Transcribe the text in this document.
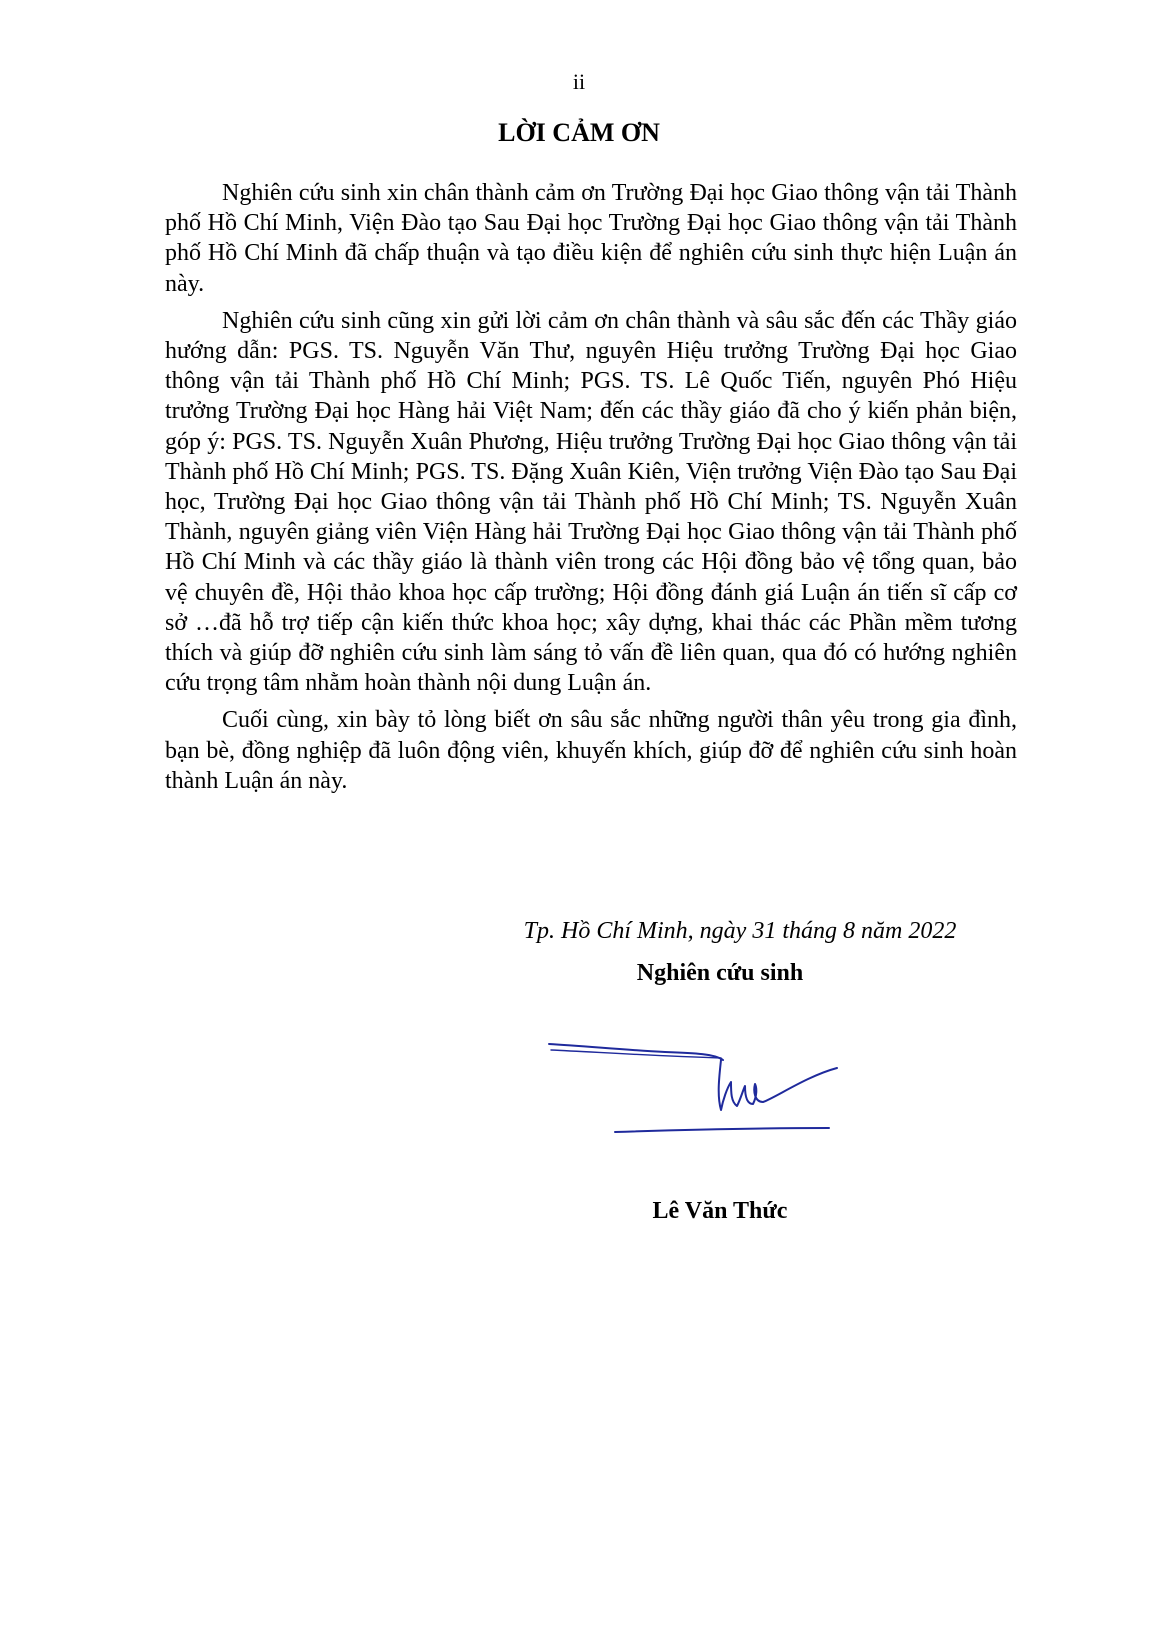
ii
LỜI CẢM ƠN

Nghiên cứu sinh xin chân thành cảm ơn Trường Đại học Giao thông vận tải Thành phố Hồ Chí Minh, Viện Đào tạo Sau Đại học Trường Đại học Giao thông vận tải Thành phố Hồ Chí Minh đã chấp thuận và tạo điều kiện để nghiên cứu sinh thực hiện Luận án này.

Nghiên cứu sinh cũng xin gửi lời cảm ơn chân thành và sâu sắc đến các Thầy giáo hướng dẫn: PGS. TS. Nguyễn Văn Thư, nguyên Hiệu trưởng Trường Đại học Giao thông vận tải Thành phố Hồ Chí Minh; PGS. TS. Lê Quốc Tiến, nguyên Phó Hiệu trưởng Trường Đại học Hàng hải Việt Nam; đến các thầy giáo đã cho ý kiến phản biện, góp ý: PGS. TS. Nguyễn Xuân Phương, Hiệu trưởng Trường Đại học Giao thông vận tải Thành phố Hồ Chí Minh; PGS. TS. Đặng Xuân Kiên, Viện trưởng Viện Đào tạo Sau Đại học, Trường Đại học Giao thông vận tải Thành phố Hồ Chí Minh; TS. Nguyễn Xuân Thành, nguyên giảng viên Viện Hàng hải Trường Đại học Giao thông vận tải Thành phố Hồ Chí Minh và các thầy giáo là thành viên trong các Hội đồng bảo vệ tổng quan, bảo vệ chuyên đề, Hội thảo khoa học cấp trường; Hội đồng đánh giá Luận án tiến sĩ cấp cơ sở …đã hỗ trợ tiếp cận kiến thức khoa học; xây dựng, khai thác các Phần mềm tương thích và giúp đỡ nghiên cứu sinh làm sáng tỏ vấn đề liên quan, qua đó có hướng nghiên cứu trọng tâm nhằm hoàn thành nội dung Luận án.

Cuối cùng, xin bày tỏ lòng biết ơn sâu sắc những người thân yêu trong gia đình, bạn bè, đồng nghiệp đã luôn động viên, khuyến khích, giúp đỡ để nghiên cứu sinh hoàn thành Luận án này.

Tp. Hồ Chí Minh, ngày 31 tháng 8 năm 2022
Nghiên cứu sinh
Lê Văn Thức
